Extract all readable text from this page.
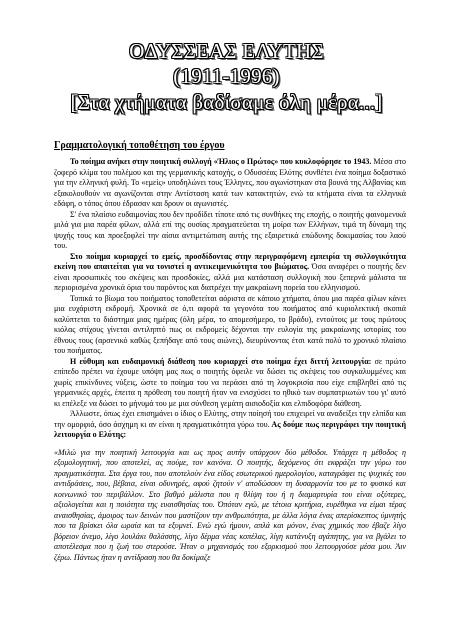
ΟΔΥΣΣΕΑΣ ΕΛΥΤΗΣ
(1911-1996)
[Στα χτήματα βαδίσαμε όλη μέρα...]
Γραμματολογική τοποθέτηση του έργου

Το ποίημα ανήκει στην ποιητική συλλογή «Ήλιος ο Πρώτος» που κυκλοφόρησε το 1943. Μέσα στο ζοφερό κλίμα του πολέμου και της γερμανικής κατοχής, ο Οδυσσέας Ελύτης συνθέτει ένα ποίημα δοξαστικό για την ελληνική φυλή. Το «εμείς» υποδηλώνει τους Έλληνες, που αγωνίστηκαν στα βουνά της Αλβανίας και εξακολουθούν να αγωνίζονται στην Αντίσταση κατά των κατακτητών, ενώ τα κτήματα είναι τα ελληνικά εδάφη, ο τόπος όπου έδρασαν και δρουν οι αγωνιστές.

Σ' ένα πλαίσιο ευδαιμονίας που δεν προδίδει τίποτε από τις συνθήκες της εποχής, ο ποιητής φαινομενικά μιλά για μια παρέα φίλων, αλλά επί της ουσίας πραγματεύεται τη μοίρα των Ελλήνων, τιμά τη δύναμη της ψυχής τους και προεξοφλεί την αίσια αντιμετώπιση αυτής της εξαιρετικά επώδυνης δοκιμασίας του λαού του.

Στο ποίημα κυριαρχεί το εμείς, προσδίδοντας στην περιγραφόμενη εμπειρία τη συλλογικότητα εκείνη που απαιτείται για να τονιστεί η αντικειμενικότητα του βιώματος. Όσα αναφέρει ο ποιητής δεν είναι προσωπικές του σκέψεις και προσδοκίες, αλλά μια κατάσταση συλλογική που ξεπερνά μάλιστα τα περιορισμένα χρονικά όρια του παρόντος και διατρέχει την μακραίωνη πορεία του ελληνισμού.

Τοπικά το βίωμα του ποιήματος τοποθετείται αόριστα σε κάποιο χτήματα, όπου μια παρέα φίλων κάνει μια ευχάριστη εκδρομή. Χρονικά σε ό,τι αφορά τα γεγονότα του ποιήματος από κυριολεκτική σκοπιά καλύπτεται το διάστημα μιας ημέρας (όλη μέρα, το απομεσήμερο, το βράδυ), εντούτοις με τους πρώτους κιόλας στίχους γίνεται αντιληπτό πως οι εκδρομείς δέχονται την ευλογία της μακραίωνης ιστορίας του έθνους τους (αρσενικό καθώς ξεπήδαγε από τους αιώνες), διευρύνοντας έτσι κατά πολύ το χρονικό πλαίσιο του ποιήματος.

Η εύθυμη και ευδαιμονική διάθεση που κυριαρχεί στο ποίημα έχει διττή λειτουργία: σε πρώτο επίπεδο πρέπει να έχουμε υπόψη μας πως ο ποιητής όφειλε να δώσει τις σκέψεις του συγκαλυμμένες και χωρίς επικίνδυνες νύξεις, ώστε το ποίημα του να περάσει από τη λογοκρισία που είχε επιβληθεί από τις γερμανικές αρχές, έπειτα η πρόθεση του ποιητή ήταν να ενισχύσει το ηθικό των συμπατριωτών του γι' αυτό κι επέλεξε να δώσει το μήνυμά του με μια σύνθεση γεμάτη αισιοδοξία και ελπιδοφόρα διάθεση.

Άλλωστε, όπως έχει επισημάνει ο ίδιος ο Ελύτης, στην ποίησή του επιχειρεί να αναδείξει την ελπίδα και την ομορφιά, όσο άσχημη κι αν είναι η πραγματικότητα γύρω του. Ας δούμε πως περιγράφει την ποιητική λειτουργία ο Ελύτης:

«Μιλώ για την ποιητική λειτουργία και ως προς αυτήν υπάρχουν δύο μέθοδοι. Υπάρχει η μέθοδος η εξομολογητική, που αποτελεί, ας πούμε, τον κανόνα. Ο ποιητής, δεχόμενος ότι εκφράζει την γύρω του πραγματικότητα. Στα έργα του, που αποτελούν ένα είδος εσωτερικού ημερολογίου, καταγράφει τις ψυχικές του αντιδράσεις, που, βέβαια, είναι οδυνηρές, αφού ζητούν ν' αποδώσουν τη δυσαρμονία του με το φυσικό και κοινωνικό του περιβάλλον. Στο βαθμό μάλιστα που η θλίψη του ή η διαμαρτυρία του είναι οξύτερες, αξιολογείται και η ποιότητα της ευαισθησίας του. Όπόταν εγώ, με τέτοια κριτήρια, ευρέθηκα να είμαι τέρας αναισθησίας, άμοιρος των δεινών που μαστίζουν την ανθρωπότητα, με άλλα λόγια ένας απερίσκεπτος ύμνητής που τα βρίσκει όλα ωραία και τα εξυμνεί. Ενώ εγώ ήμουν, απλά και μόνον, ένας χημικός που έβαζε λίγο βόρειον άνεμο, λίγο λουλάκι θαλάσσης, λίγο δέρμα νέας κοπέλας, λίγη κατάνυξη αγάπητης, για να βγάλει το αποτέλεσμα που η ζωή του στερούσε. Ήταν ο μηχανισμός του εξορκισμού που λειτουργούσε μέσα μου. Άιν ζέρω. Πάντως ήταν η αντίδραση που θα δοκίμαζε
